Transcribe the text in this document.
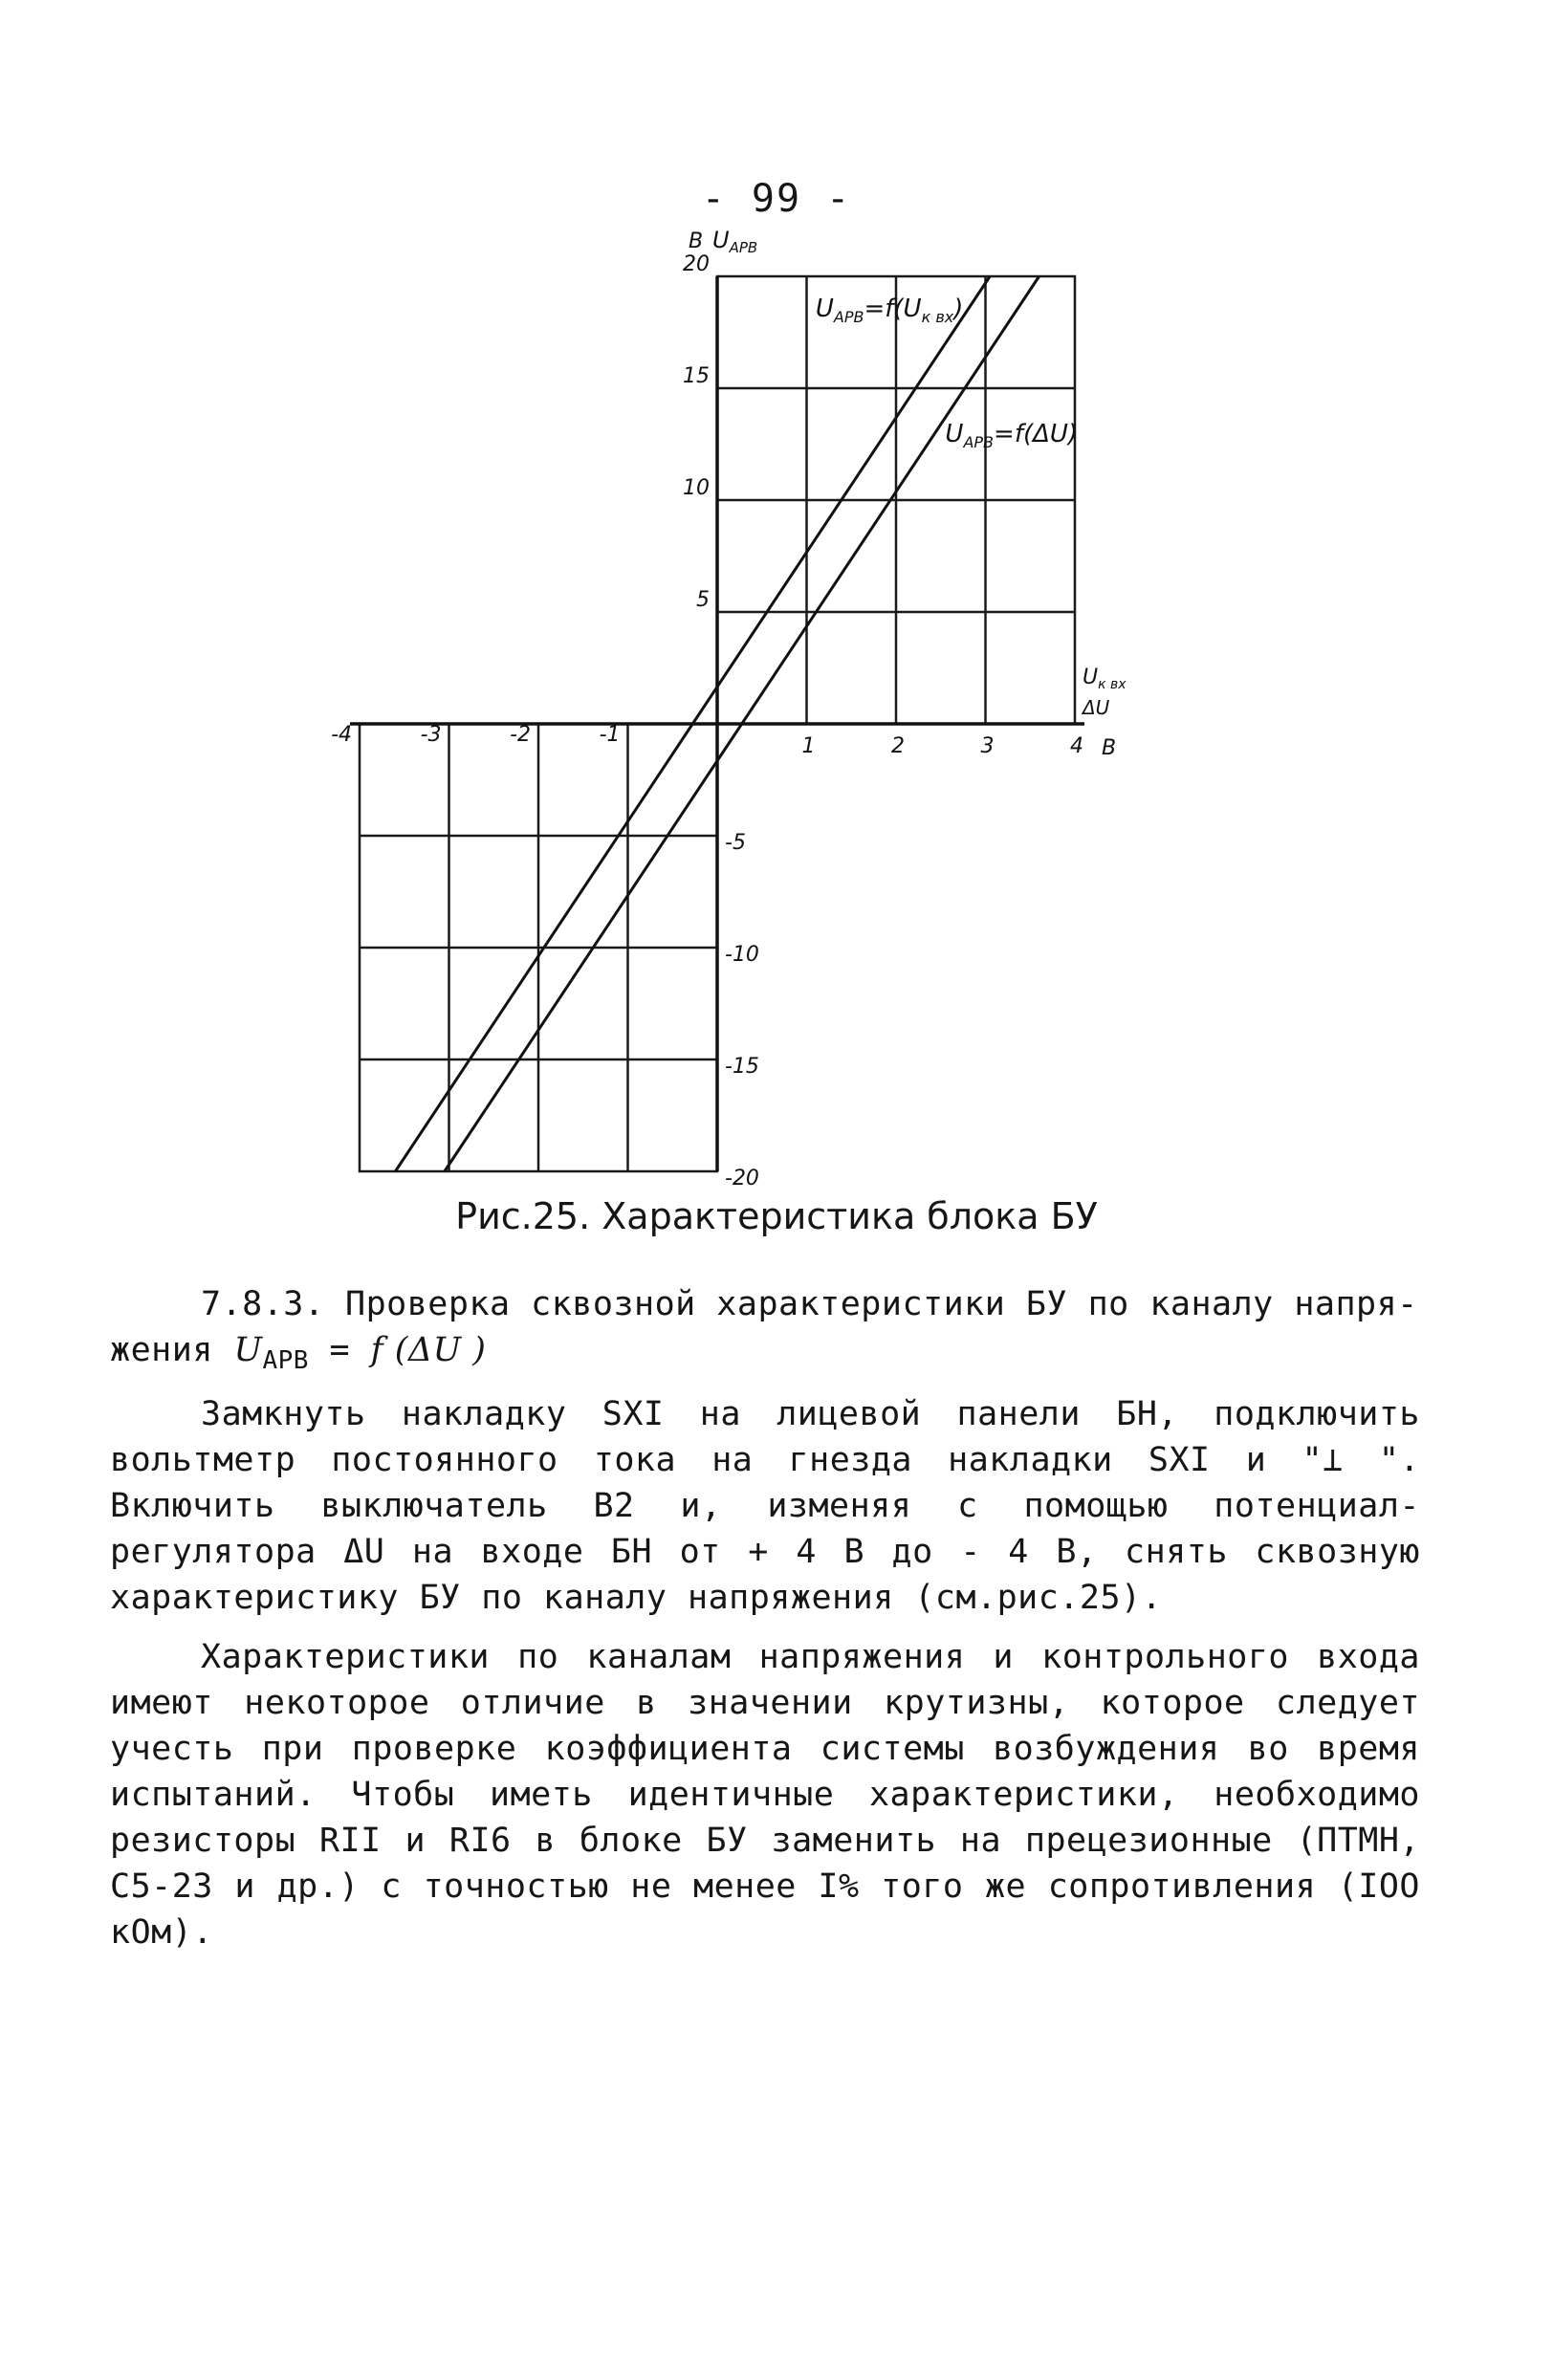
- 99 -
-4	-3	-2	-1	1	2	3	4
20
15
10
5
-5
-10
-15
-20
$U_{АРВ}=f(U_{к вх})$
$U_{АРВ}=f(\Delta U)$
В $U_{АРВ}$
$U_{к вх}$
ΔU
В
Рис.25. Характеристика блока БУ

7.8.3. Проверка сквозной характеристики БУ по каналу напря-

жения $U_{АРВ} = f$ (ΔU )

Замкнуть накладку SXI на лицевой панели БН, подключить вольтметр постоянного тока на гнезда накладки SXI и "⊥ ". Включить выключатель В2 и, изменяя с помощью потенциал-регулятора ΔU на входе БН от + 4 В до - 4 В, снять сквозную характеристику БУ по каналу напряжения (см.рис.25).

Характеристики по каналам напряжения и контрольного входа имеют некоторое отличие в значении крутизны, которое следует учесть при проверке коэффициента системы возбуждения во время испытаний. Чтобы иметь идентичные характеристики, необходимо резисторы RII и RI6 в блоке БУ заменить на прецезионные (ПТМН, С5-23 и др.) с точностью не менее I% того же сопротивления (IOO кОм).
